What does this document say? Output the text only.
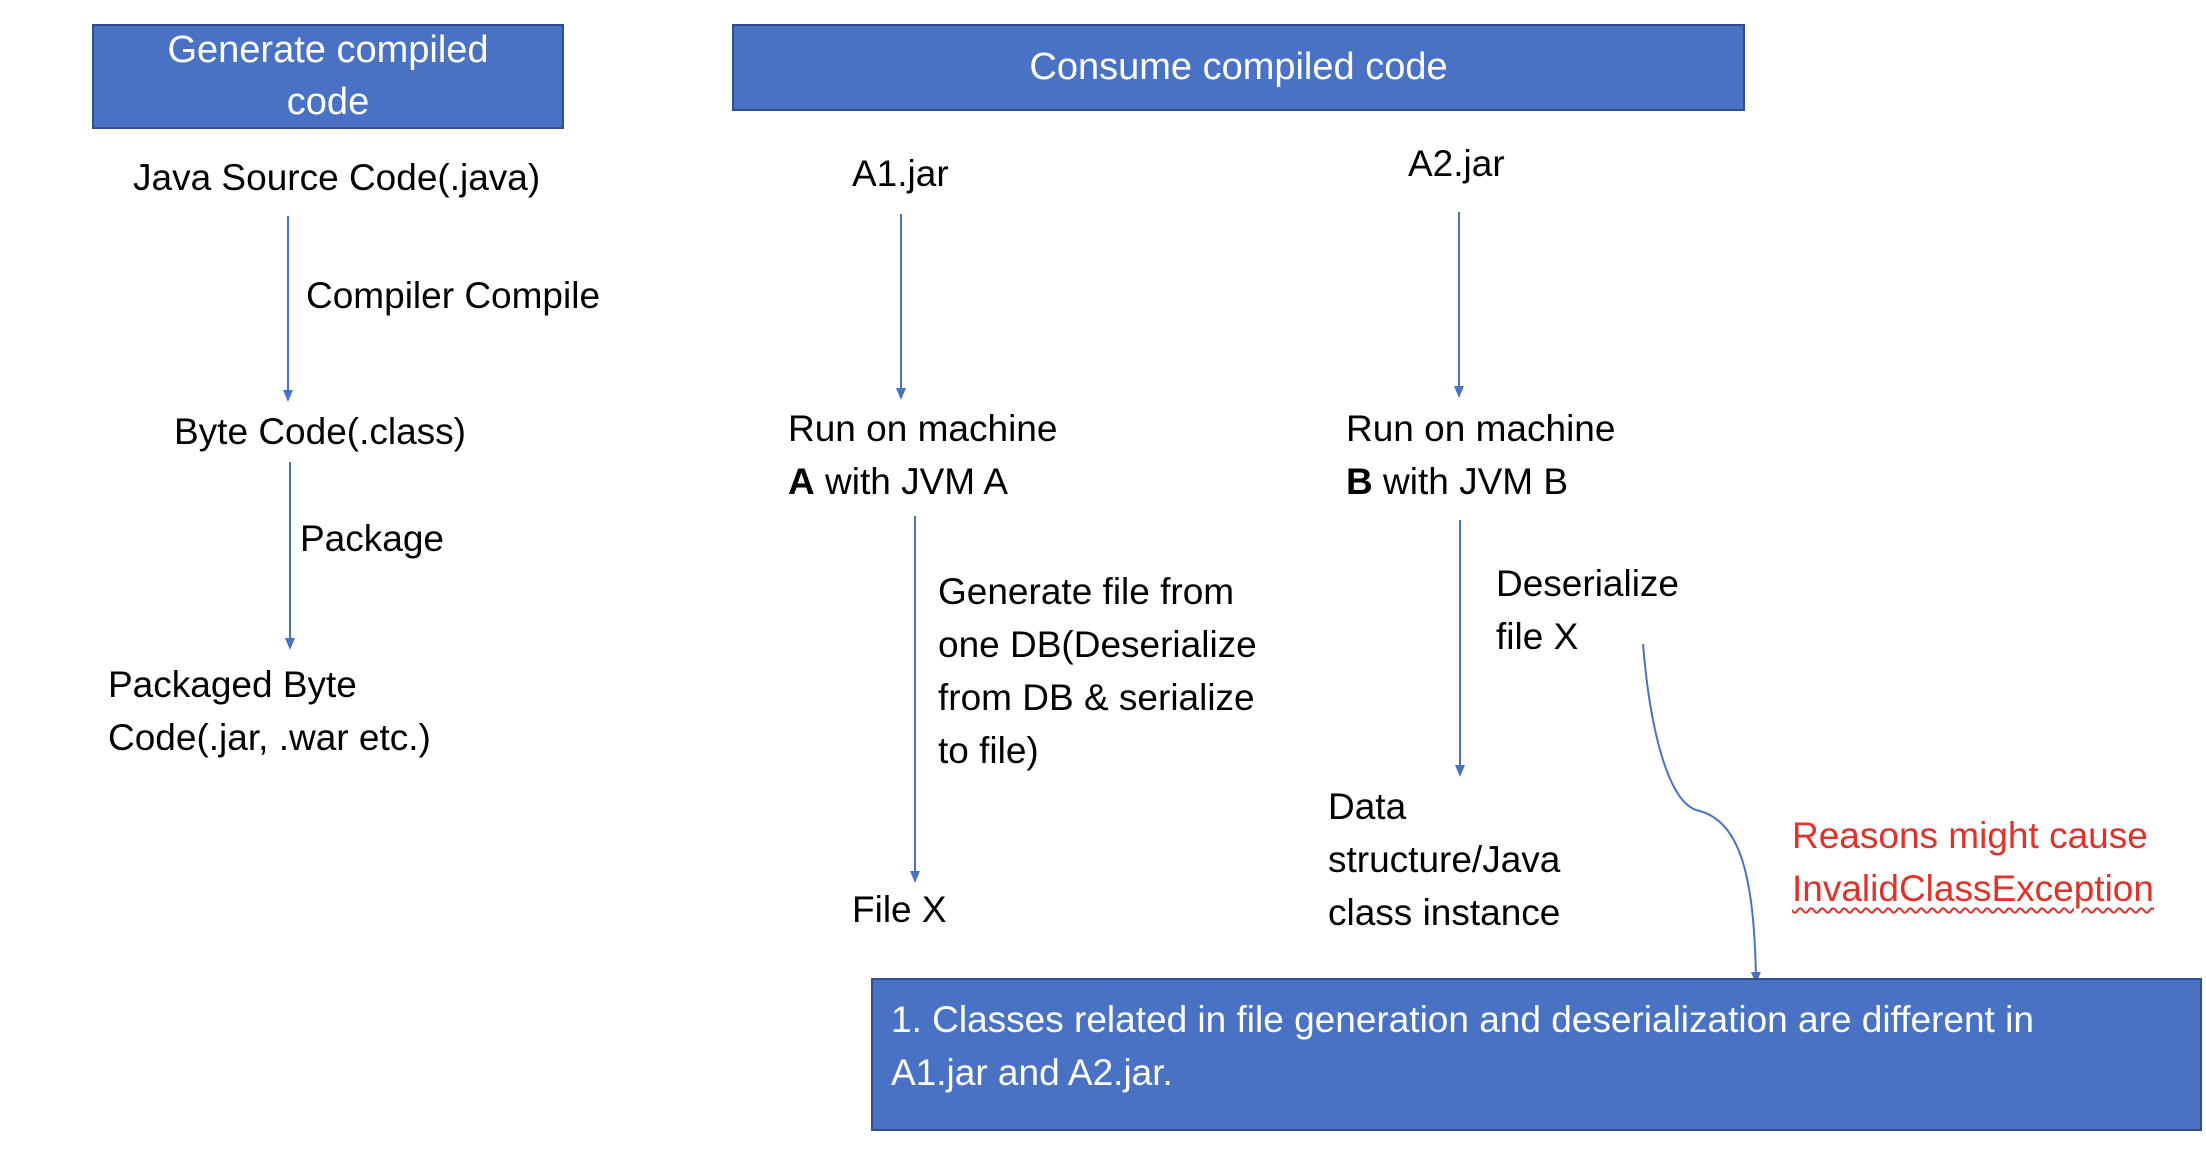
Generate compiled code
Consume compiled code
Java Source Code(.java)
Compiler Compile
Byte Code(.class)
Package
Packaged Byte
Code(.jar, .war etc.)
A1.jar
Run on machine
A with JVM A
Generate file from
one DB(Deserialize
from DB & serialize
to file)
File X
A2.jar
Run on machine
B with JVM B
Deserialize
file X
Data
structure/Java
class instance
Reasons might cause
InvalidClassException
1. Classes related in file generation and deserialization are different in
A1.jar and A2.jar.
